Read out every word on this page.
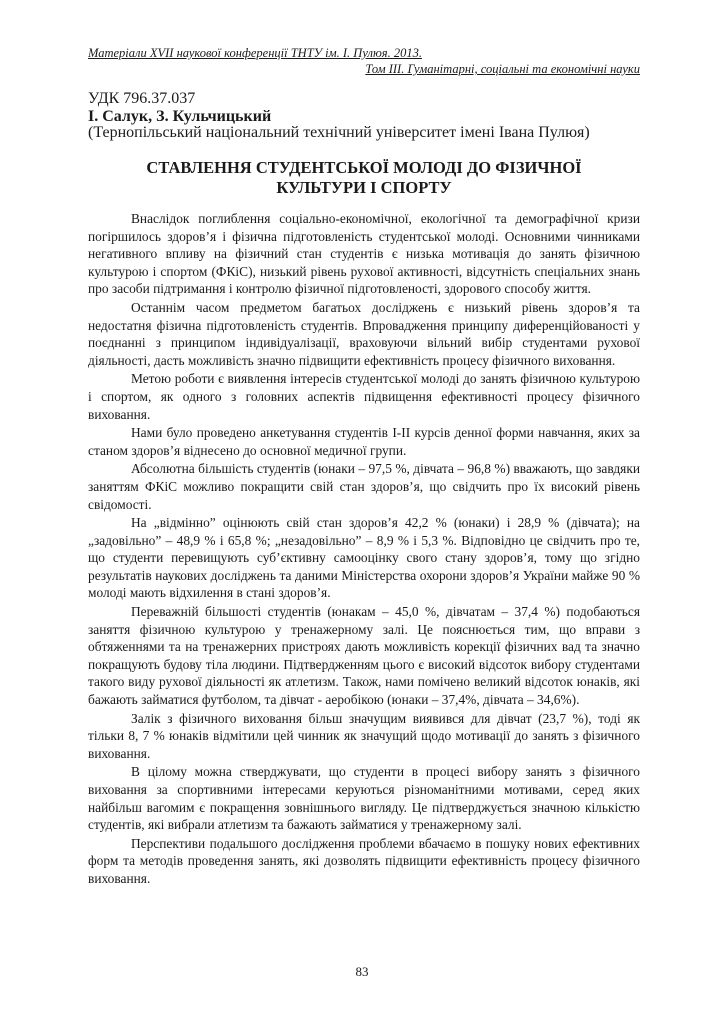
Матеріали XVII наукової конференції ТНТУ ім. І. Пулюя. 2013.
Том ІІІ. Гуманітарні, соціальні та економічні науки
УДК 796.37.037
І. Салук, З. Кульчицький
(Тернопільський національний технічний університет імені Івана Пулюя)
СТАВЛЕННЯ СТУДЕНТСЬКОЇ МОЛОДІ ДО ФІЗИЧНОЇ
КУЛЬТУРИ І СПОРТУ

Внаслідок поглиблення соціально-економічної, екологічної та демографічної кризи погіршилось здоров’я і фізична підготовленість студентської молоді. Основними чинниками негативного впливу на фізичний стан студентів є низька мотивація до занять фізичною культурою і спортом (ФКіС), низький рівень рухової активності, відсутність спеціальних знань про засоби підтримання і контролю фізичної підготовленості, здорового способу життя.

Останнім часом предметом багатьох досліджень є низький рівень здоров’я та недостатня фізична підготовленість студентів. Впровадження принципу диференційованості у поєднанні з принципом індивідуалізації, враховуючи вільний вибір студентами рухової діяльності, дасть можливість значно підвищити ефективність процесу фізичного виховання.

Метою роботи є виявлення інтересів студентської молоді до занять фізичною культурою і спортом, як одного з головних аспектів підвищення ефективності процесу фізичного виховання.

Нами було проведено анкетування студентів І-ІІ курсів денної форми навчання, яких за станом здоров’я віднесено до основної медичної групи.

Абсолютна більшість студентів (юнаки – 97,5 %, дівчата – 96,8 %) вважають, що завдяки заняттям ФКіС можливо покращити свій стан здоров’я, що свідчить про їх високий рівень свідомості.

На „відмінно” оцінюють свій стан здоров’я 42,2 % (юнаки) і 28,9 % (дівчата); на „задовільно” – 48,9 % і 65,8 %; „незадовільно” – 8,9 % і 5,3 %. Відповідно це свідчить про те, що студенти перевищують суб’єктивну самооцінку свого стану здоров’я, тому що згідно результатів наукових досліджень та даними Міністерства охорони здоров’я України майже 90 % молоді мають відхилення в стані здоров’я.

Переважній більшості студентів (юнакам – 45,0 %, дівчатам – 37,4 %) подобаються заняття фізичною культурою у тренажерному залі. Це пояснюється тим, що вправи з обтяженнями та на тренажерних пристроях дають можливість корекції фізичних вад та значно покращують будову тіла людини. Підтвердженням цього є високий відсоток вибору студентами такого виду рухової діяльності як атлетизм. Також, нами помічено великий відсоток юнаків, які бажають займатися футболом, та дівчат - аеробікою (юнаки – 37,4%, дівчата – 34,6%).

Залік з фізичного виховання більш значущим виявився для дівчат (23,7 %), тоді як тільки 8, 7 % юнаків відмітили цей чинник як значущий щодо мотивації до занять з фізичного виховання.

В цілому можна стверджувати, що студенти в процесі вибору занять з фізичного виховання за спортивними інтересами керуються різноманітними мотивами, серед яких найбільш вагомим є покращення зовнішнього вигляду. Це підтверджується значною кількістю студентів, які вибрали атлетизм та бажають займатися у тренажерному залі.

Перспективи подальшого дослідження проблеми вбачаємо в пошуку нових ефективних форм та методів проведення занять, які дозволять підвищити ефективність процесу фізичного виховання.

83
